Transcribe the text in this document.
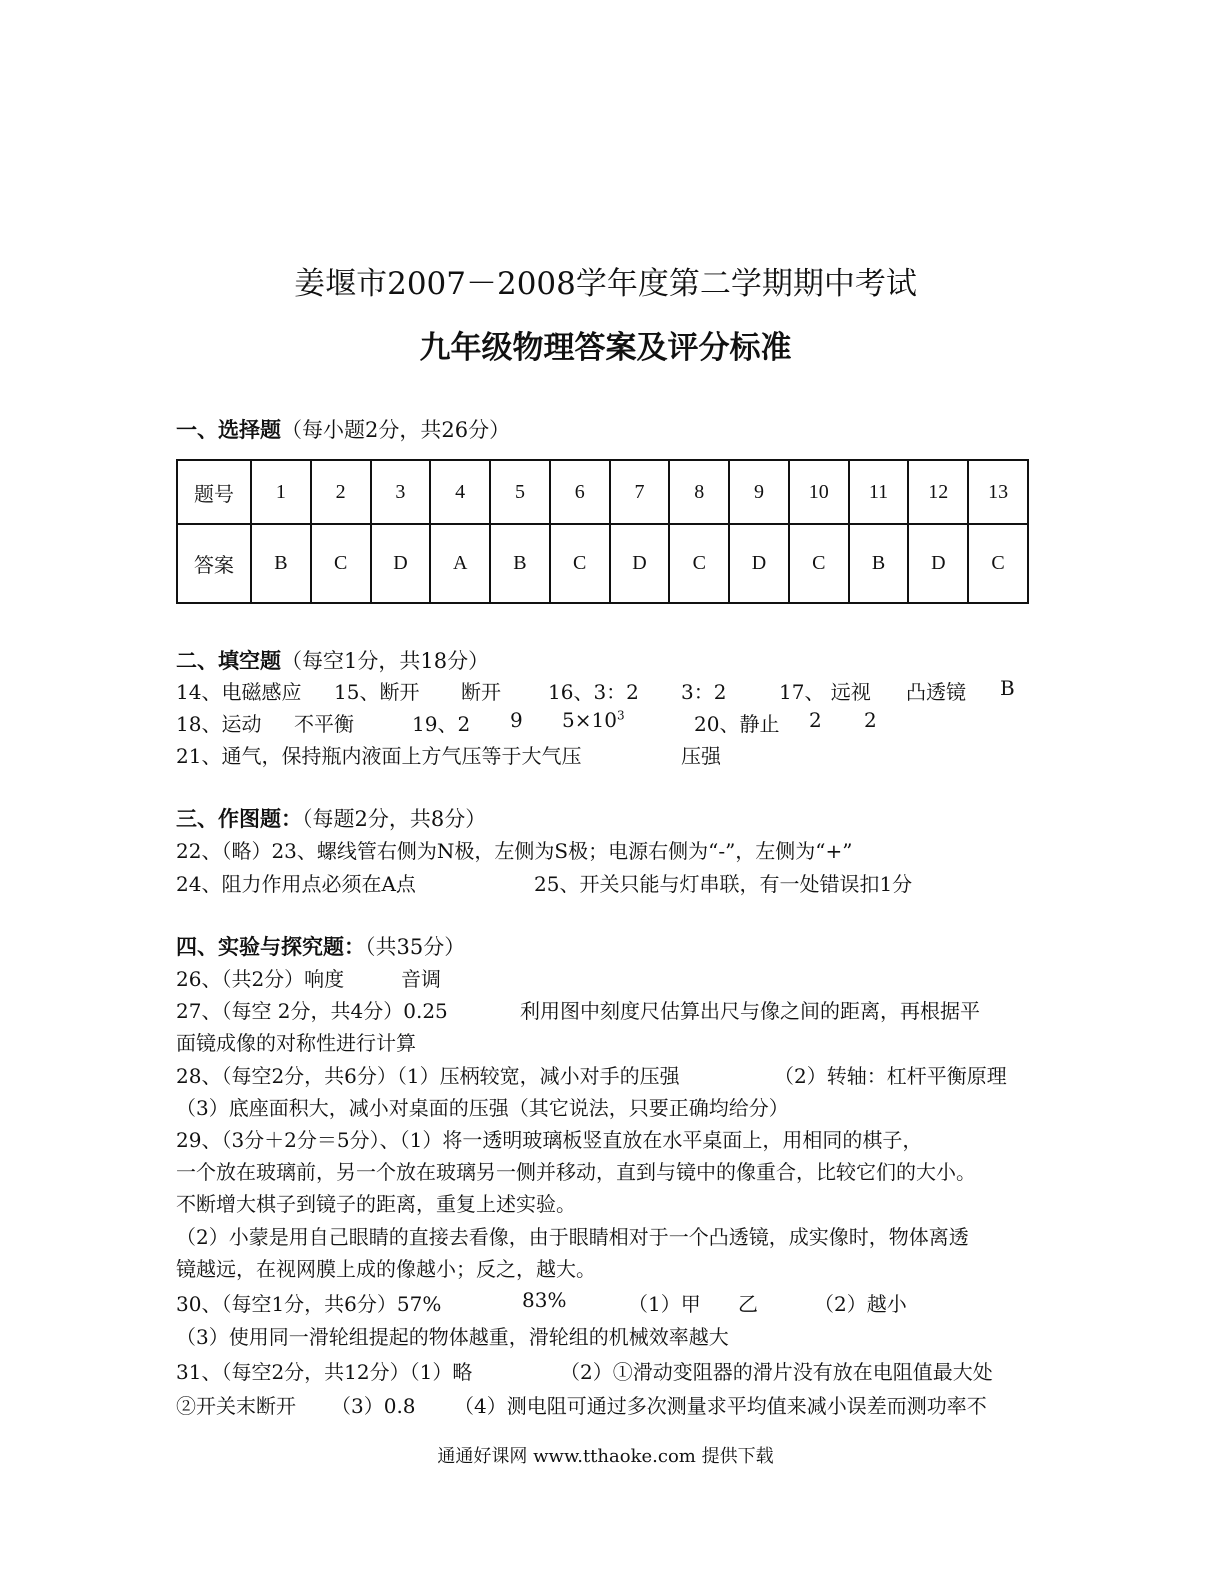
姜堰市2007－2008学年度第二学期期中考试
九年级物理答案及评分标准
一、选择题（每小题2分，共26分）
题号	1	2	3	4	5	6	7	8	9	10	11	12	13
答案	B	C	D	A	B	C	D	C	D	C	B	D	C
二、填空题（每空1分，共18分）
14、电磁感应 15、断开 断开 16、3：2 3：2	17、 远视 凸透镜 B
18、运动 不平衡	19、2 9 $5\times 10^3$	20、静止 2 2
21、通气，保持瓶内液面上方气压等于大气压	压强
三、作图题：（每题2分，共8分）
22、（略）23、螺线管右侧为N极，左侧为S极；电源右侧为“-”，左侧为“+”
24、阻力作用点必须在A点	25、开关只能与灯串联，有一处错误扣1分
四、实验与探究题：（共35分）
26、（共2分）响度	音调
27、（每空 2分，共4分）0.25	利用图中刻度尺估算出尺与像之间的距离，再根据平
面镜成像的对称性进行计算
28、（每空2分，共6分）（1）压柄较宽，减小对手的压强	（2）转轴：杠杆平衡原理
（3）底座面积大，减小对桌面的压强（其它说法，只要正确均给分）
29、（3分＋2分＝5分）、（1）将一透明玻璃板竖直放在水平桌面上，用相同的棋子，
一个放在玻璃前，另一个放在玻璃另一侧并移动，直到与镜中的像重合，比较它们的大小。
不断增大棋子到镜子的距离，重复上述实验。
（2）小蒙是用自己眼睛的直接去看像，由于眼睛相对于一个凸透镜，成实像时，物体离透
镜越远，在视网膜上成的像越小；反之，越大。
30、（每空1分，共6分）57%	83%	（1）甲 乙	（2）越小
（3）使用同一滑轮组提起的物体越重，滑轮组的机械效率越大
31、（每空2分，共12分）（1）略	（2）①滑动变阻器的滑片没有放在电阻值最大处
②开关末断开 （3）0.8 （4）测电阻可通过多次测量求平均值来减小误差而测功率不
通通好课网 www.tthaoke.com 提供下载
